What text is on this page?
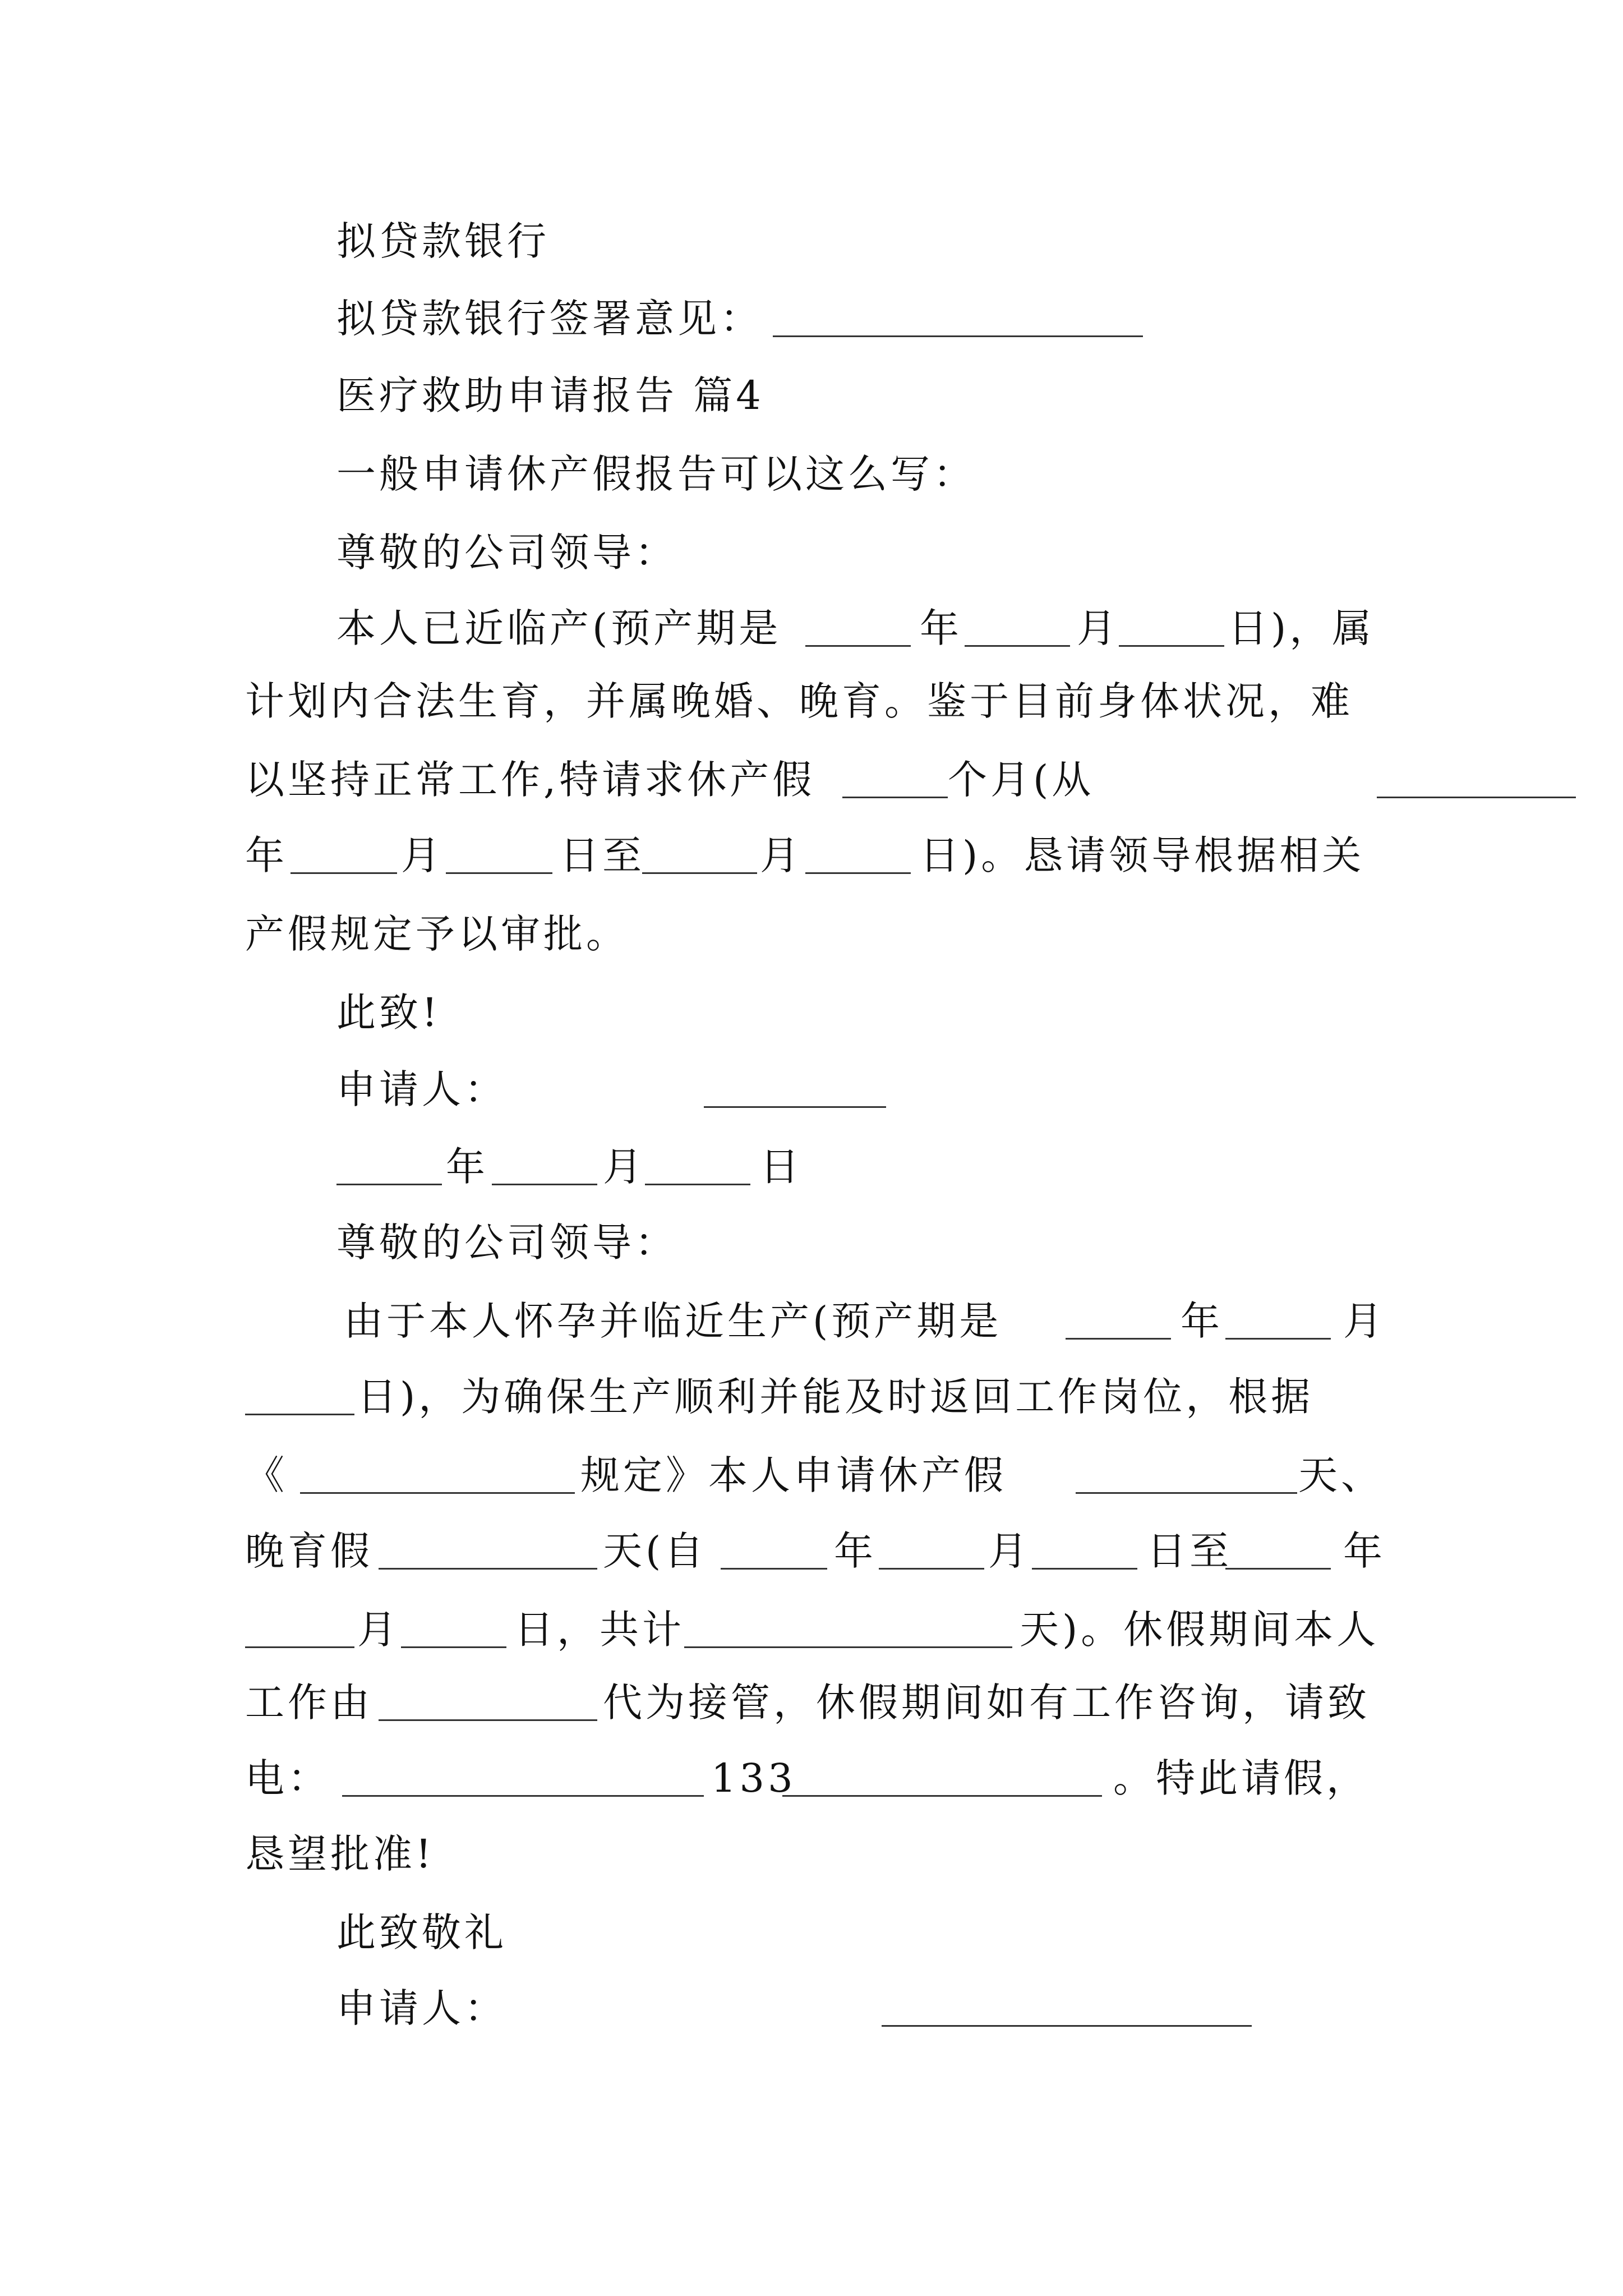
拟贷款银行
拟贷款银行签署意见：
医疗救助申请报告 篇4
一般申请休产假报告可以这么写：
尊敬的公司领导：
本人已近临产(预产期是	年	月	日)，属
计划内合法生育，并属晚婚、晚育。鉴于目前身体状况，难
以坚持正常工作,特请求休产假	个月(从
年	月	日至	月	日)。恳请领导根据相关
产假规定予以审批。
此致!
申请人：
年	月	日
尊敬的公司领导：
由于本人怀孕并临近生产(预产期是	年	月
日)，为确保生产顺利并能及时返回工作岗位，根据
《	规定》本人申请休产假	天、
晚育假	天(自	年	月	日至	年
月	日，共计	天)。休假期间本人
工作由	代为接管，休假期间如有工作咨询，请致
电：	133	。特此请假，
恳望批准!
此致敬礼
申请人：
